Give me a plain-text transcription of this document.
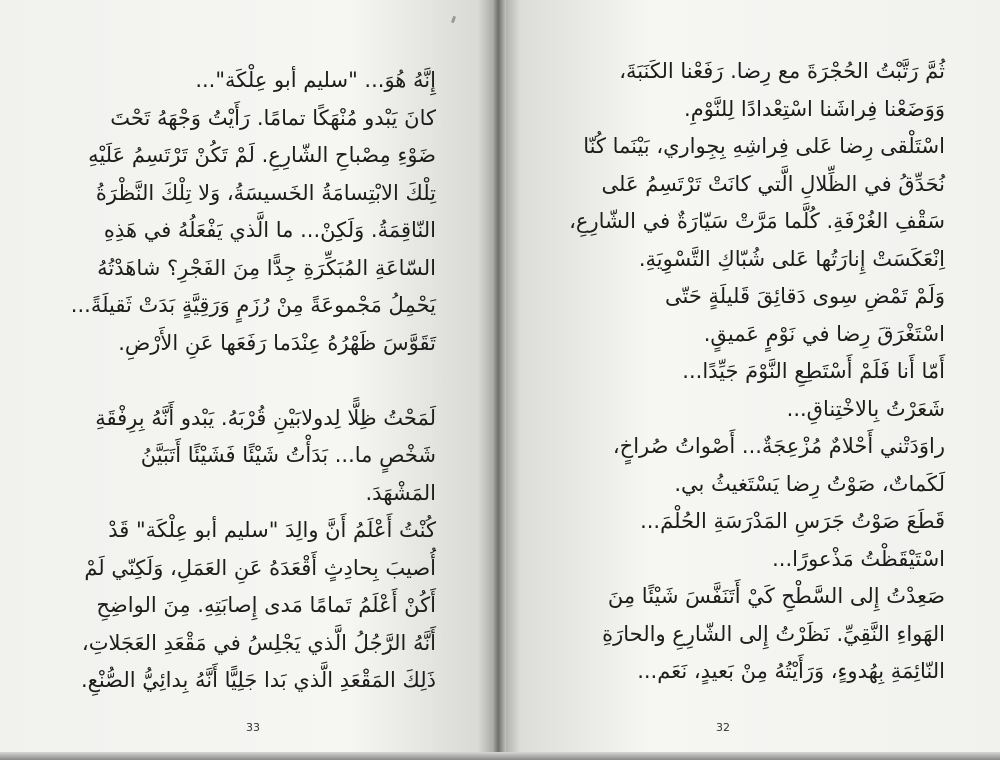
إِنَّهُ هُوَ... "سليم أبو عِلْكَة"...
كانَ يَبْدو مُنْهَكًا تمامًا. رَأَيْتُ وَجْهَهُ تَحْتَ
ضَوْءِ مِصْباحِ الشّارِعِ. لَمْ تَكُنْ تَرْتَسِمُ عَلَيْهِ
تِلْكَ الابْتِسامَةُ الخَسيسَةُ، وَلا تِلْكَ النَّظْرَةُ
النّاقِمَةُ. وَلَكِنْ... ما الَّذي يَفْعَلُهُ في هَذِهِ
السّاعَةِ المُبَكِّرَةِ جِدًّا مِنَ الفَجْرِ؟ شاهَدْتُهُ
يَحْمِلُ مَجْموعَةً مِنْ رُزَمٍ وَرَقِيَّةٍ بَدَتْ ثَقيلَةً...
تَقَوَّسَ ظَهْرُهُ عِنْدَما رَفَعَها عَنِ الأَرْضِ.
لَمَحْتُ ظِلًّا لِدولابَيْنِ قُرْبَهُ. يَبْدو أَنَّهُ بِرِفْقَةِ
شَخْصٍ ما... بَدَأْتُ شَيْئًا فَشَيْئًا أَتَبَيَّنُ
المَشْهَدَ.
كُنْتُ أَعْلَمُ أَنَّ والِدَ "سليم أبو عِلْكَة" قَدْ
أُصيبَ بِحادِثٍ أَقْعَدَهُ عَنِ العَمَلِ، وَلَكِنّي لَمْ
أَكُنْ أَعْلَمُ تَمامًا مَدى إِصابَتِهِ. مِنَ الواضِحِ
أَنَّهُ الرَّجُلُ الَّذي يَجْلِسُ في مَقْعَدِ العَجَلاتِ،
ذَلِكَ المَقْعَدِ الَّذي بَدا جَلِيًّا أَنَّهُ بِدائِيُّ الصُّنْعِ.
33
ثُمَّ رَتَّبْتُ الحُجْرَةَ مع رِضا. رَفَعْنا الكَنَبَةَ،
وَوَضَعْنا فِراشَنا اسْتِعْدادًا لِلنَّوْمِ.
اسْتَلْقى رِضا عَلى فِراشِهِ بِجِواري، بَيْنَما كُنّا
نُحَدِّقُ في الظِّلالِ الَّتي كانَتْ تَرْتَسِمُ عَلى
سَقْفِ الغُرْفَةِ. كُلَّما مَرَّتْ سَيّارَةٌ في الشّارِعِ،
اِنْعَكَسَتْ إِنارَتُها عَلى شُبّاكِ التَّسْوِيَةِ.
وَلَمْ تَمْضِ سِوى دَقائِقَ قَليلَةٍ حَتّى
اسْتَغْرَقَ رِضا في نَوْمٍ عَميقٍ.
أَمّا أَنا فَلَمْ أَسْتَطِعِ النَّوْمَ جَيِّدًا...
شَعَرْتُ بِالاخْتِناقِ...
راوَدَتْني أَحْلامٌ مُزْعِجَةٌ... أَصْواتُ صُراخٍ،
لَكَماتٌ، صَوْتُ رِضا يَسْتَغيثُ بي.
قَطَعَ صَوْتُ جَرَسِ المَدْرَسَةِ الحُلْمَ...
اسْتَيْقَظْتُ مَذْعورًا...
صَعِدْتُ إِلى السَّطْحِ كَيْ أَتَنَفَّسَ شَيْئًا مِنَ
الهَواءِ النَّقِيِّ. نَظَرْتُ إِلى الشّارِعِ والحارَةِ
النّائِمَةِ بِهُدوءٍ، وَرَأَيْتُهُ مِنْ بَعيدٍ، نَعَم...
32
